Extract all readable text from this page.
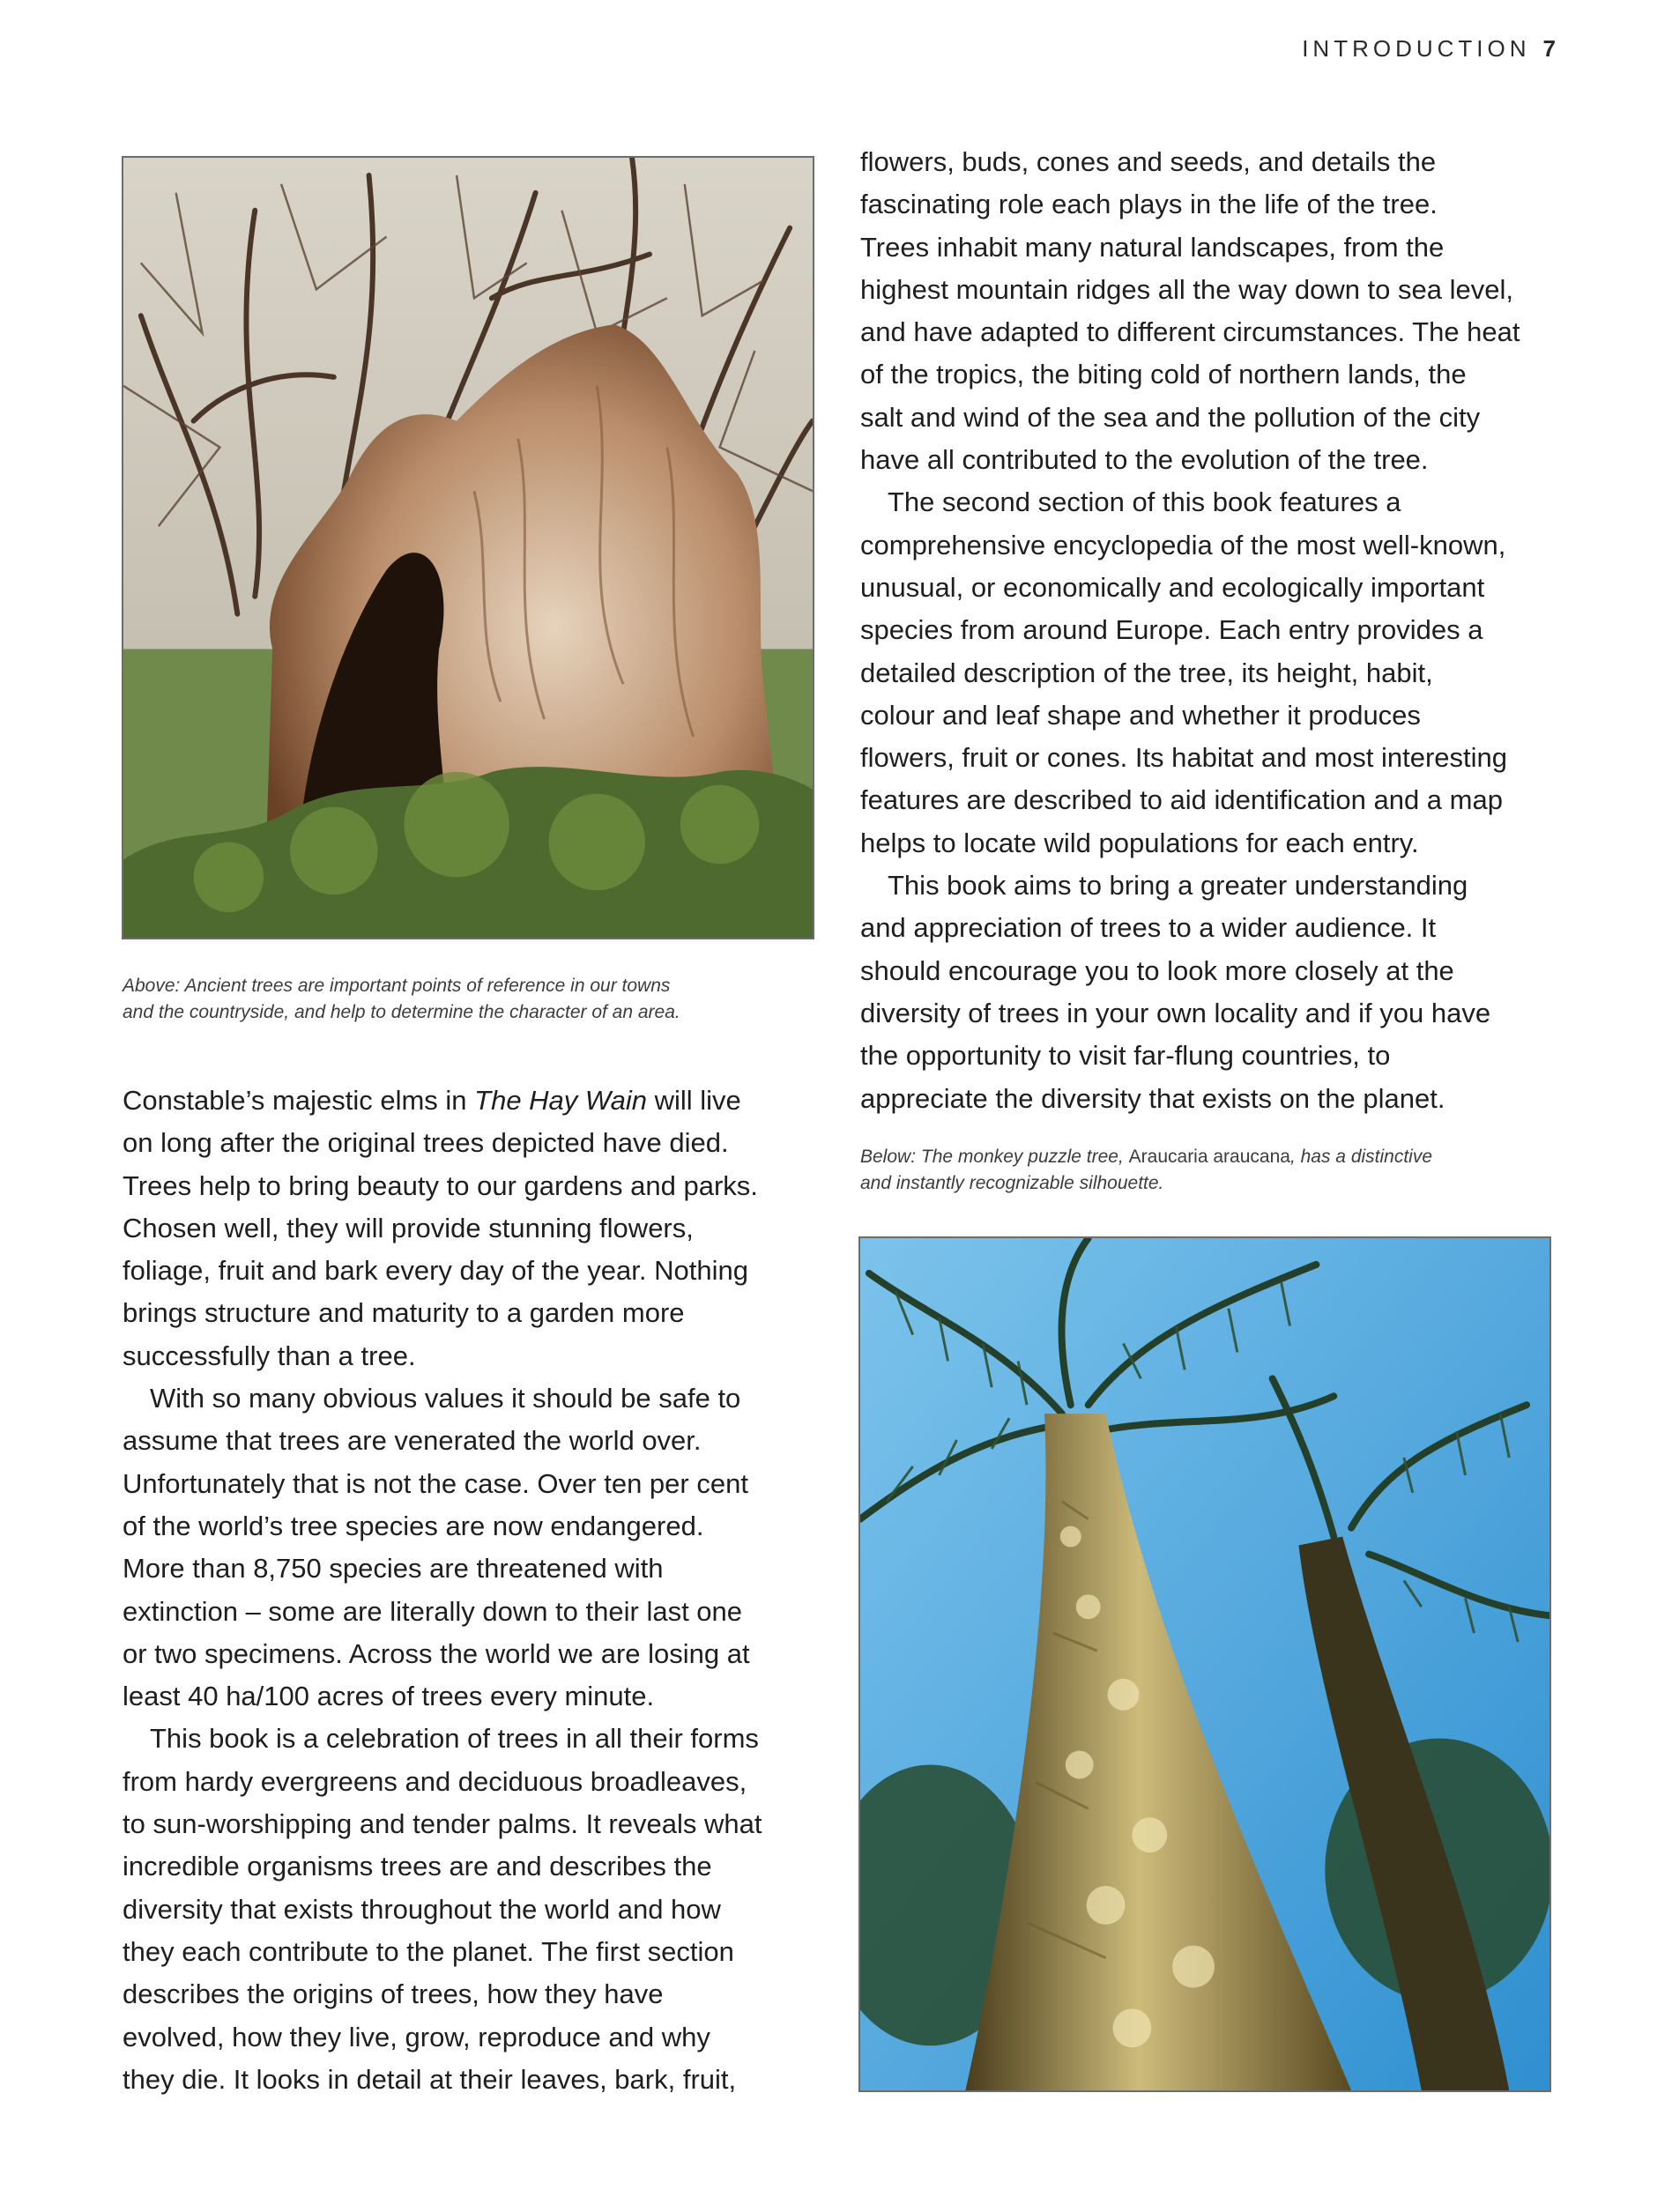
INTRODUCTION 7
Above: Ancient trees are important points of reference in our towns
and the countryside, and help to determine the character of an area.
Constable’s majestic elms in The Hay Wain will live
on long after the original trees depicted have died.
Trees help to bring beauty to our gardens and parks.
Chosen well, they will provide stunning flowers,
foliage, fruit and bark every day of the year. Nothing
brings structure and maturity to a garden more
successfully than a tree.
 With so many obvious values it should be safe to
assume that trees are venerated the world over.
Unfortunately that is not the case. Over ten per cent
of the world’s tree species are now endangered.
More than 8,750 species are threatened with
extinction – some are literally down to their last one
or two specimens. Across the world we are losing at
least 40 ha/100 acres of trees every minute.
 This book is a celebration of trees in all their forms
from hardy evergreens and deciduous broadleaves,
to sun-worshipping and tender palms. It reveals what
incredible organisms trees are and describes the
diversity that exists throughout the world and how
they each contribute to the planet. The first section
describes the origins of trees, how they have
evolved, how they live, grow, reproduce and why
they die. It looks in detail at their leaves, bark, fruit,
flowers, buds, cones and seeds, and details the
fascinating role each plays in the life of the tree.
Trees inhabit many natural landscapes, from the
highest mountain ridges all the way down to sea level,
and have adapted to different circumstances. The heat
of the tropics, the biting cold of northern lands, the
salt and wind of the sea and the pollution of the city
have all contributed to the evolution of the tree.
 The second section of this book features a
comprehensive encyclopedia of the most well-known,
unusual, or economically and ecologically important
species from around Europe. Each entry provides a
detailed description of the tree, its height, habit,
colour and leaf shape and whether it produces
flowers, fruit or cones. Its habitat and most interesting
features are described to aid identification and a map
helps to locate wild populations for each entry.
 This book aims to bring a greater understanding
and appreciation of trees to a wider audience. It
should encourage you to look more closely at the
diversity of trees in your own locality and if you have
the opportunity to visit far-flung countries, to
appreciate the diversity that exists on the planet.
Below: The monkey puzzle tree, Araucaria araucana, has a distinctive
and instantly recognizable silhouette.
